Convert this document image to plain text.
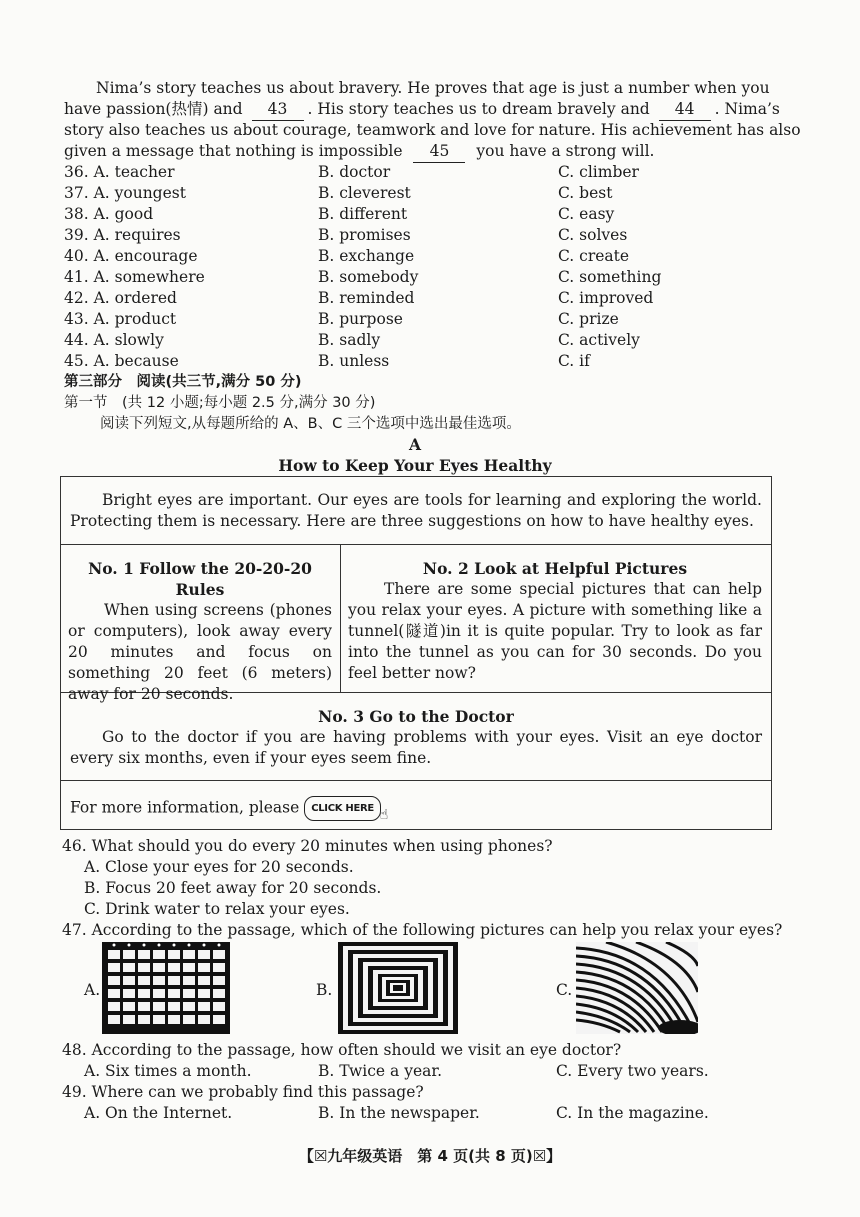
Nima’s story teaches us about bravery. He proves that age is just a number when you

have passion(热情) and 43 . His story teaches us to dream bravely and 44 . Nima’s
story also teaches us about courage, teamwork and love for nature. His achievement has also
given a message that nothing is impossible 45 you have a strong will.
36. A. teacher	B. doctor	C. climber
37. A. youngest	B. cleverest	C. best
38. A. good	B. different	C. easy
39. A. requires	B. promises	C. solves
40. A. encourage	B. exchange	C. create
41. A. somewhere	B. somebody	C. something
42. A. ordered	B. reminded	C. improved
43. A. product	B. purpose	C. prize
44. A. slowly	B. sadly	C. actively
45. A. because	B. unless	C. if
第三部分　阅读(共三节,满分 50 分)
第一节　(共 12 小题;每小题 2.5 分,满分 30 分)
阅读下列短文,从每题所给的 A、B、C 三个选项中选出最佳选项。
A
How to Keep Your Eyes Healthy

Bright eyes are important. Our eyes are tools for learning and exploring the world. Protecting them is necessary. Here are three suggestions on how to have healthy eyes.

No. 1 Follow the 20-20-20 Rules

When using screens (phones or computers), look away every 20 minutes and focus on something 20 feet (6 meters) away for 20 seconds.

No. 2 Look at Helpful Pictures

There are some special pictures that can help you relax your eyes. A picture with something like a tunnel(隧道)in it is quite popular. Try to look as far into the tunnel as you can for 30 seconds. Do you feel better now?

No. 3 Go to the Doctor

Go to the doctor if you are having problems with your eyes. Visit an eye doctor every six months, even if your eyes seem fine.

For more information, please CLICK HERE ☝
46. What should you do every 20 minutes when using phones?
A. Close your eyes for 20 seconds.
B. Focus 20 feet away for 20 seconds.
C. Drink water to relax your eyes.
47. According to the passage, which of the following pictures can help you relax your eyes?
A.	B.	C.
48. According to the passage, how often should we visit an eye doctor?
A. Six times a month.	B. Twice a year.	C. Every two years.
49. Where can we probably find this passage?
A. On the Internet.	B. In the newspaper.	C. In the magazine.
【☒九年级英语　第 4 页(共 8 页)☒】
